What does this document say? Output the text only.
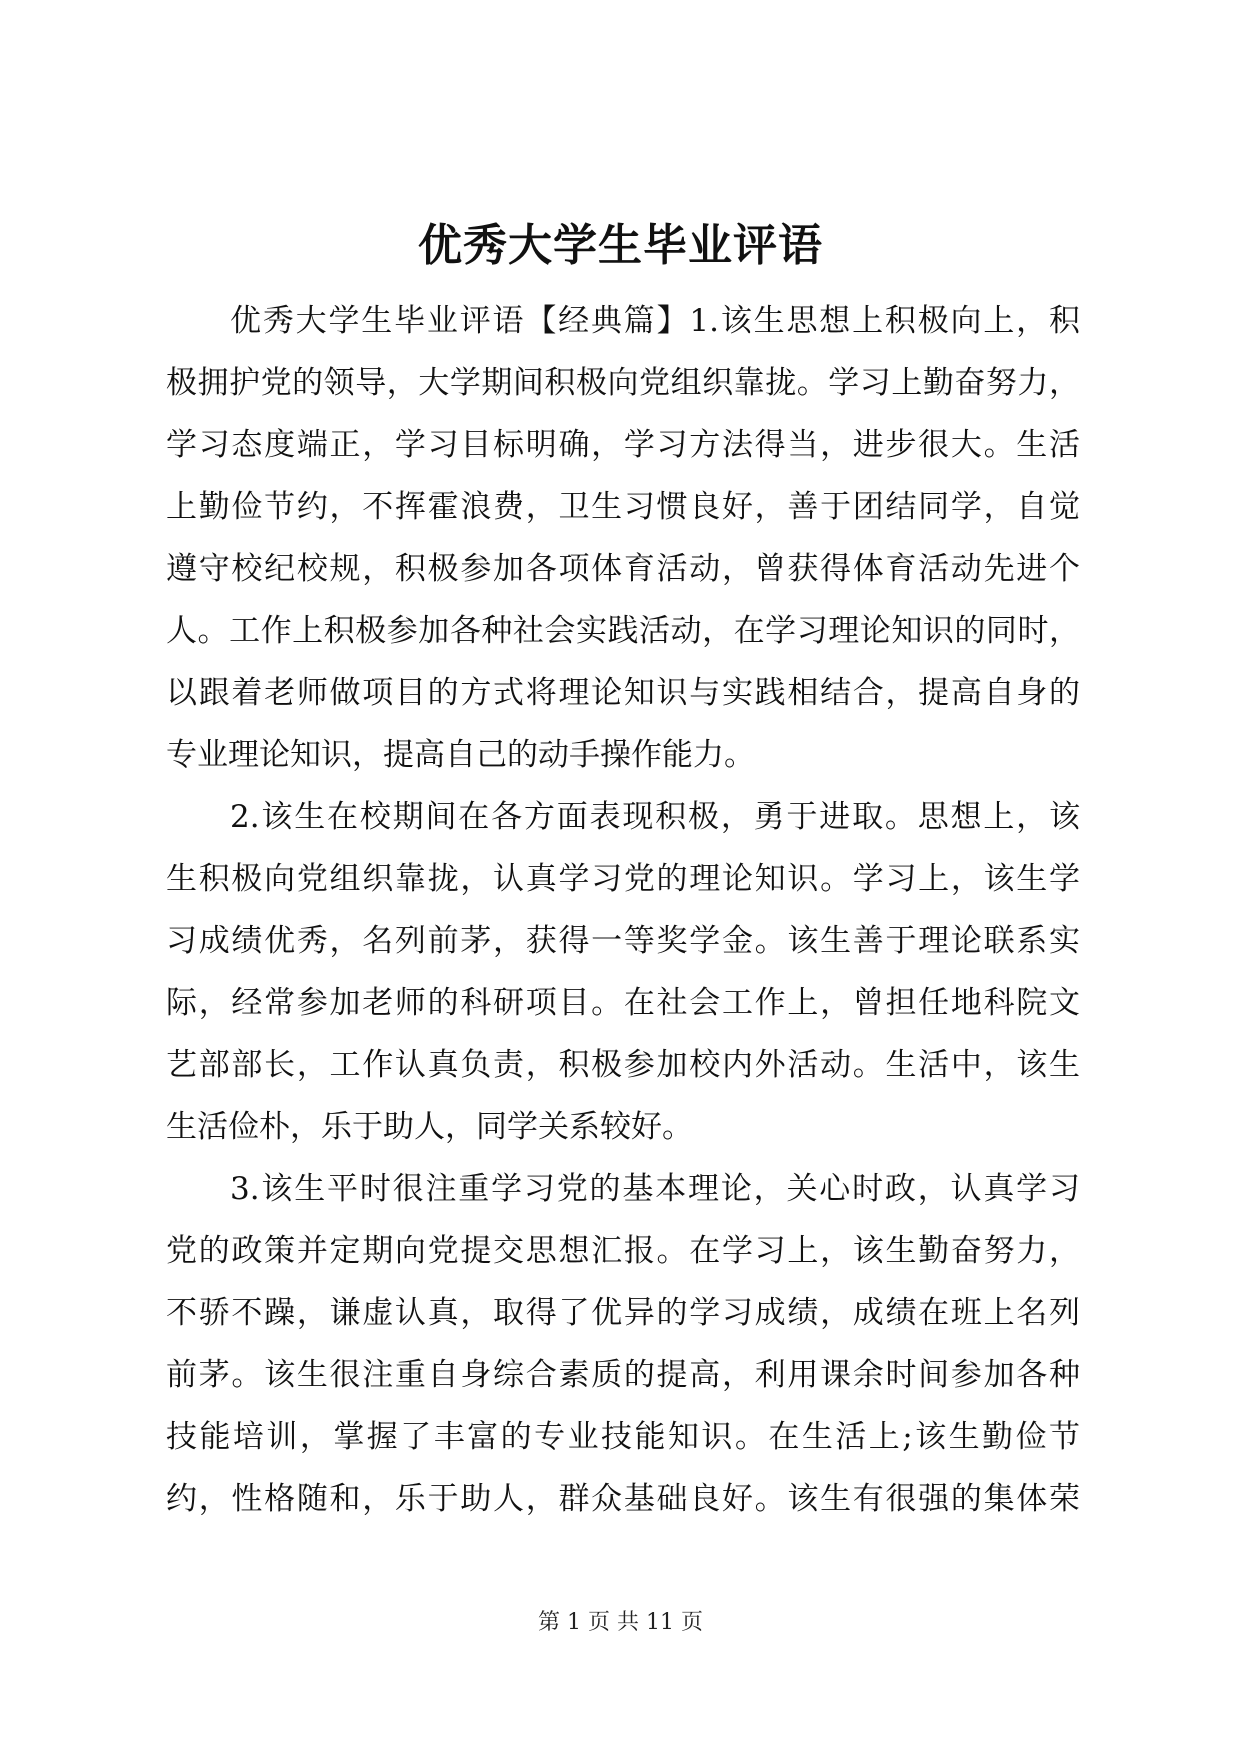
优秀大学生毕业评语
优秀大学生毕业评语【经典篇】1.该生思想上积极向上，积
极拥护党的领导，大学期间积极向党组织靠拢。学习上勤奋努力，
学习态度端正，学习目标明确，学习方法得当，进步很大。生活
上勤俭节约，不挥霍浪费，卫生习惯良好，善于团结同学，自觉
遵守校纪校规，积极参加各项体育活动，曾获得体育活动先进个
人。工作上积极参加各种社会实践活动，在学习理论知识的同时，
以跟着老师做项目的方式将理论知识与实践相结合，提高自身的
专业理论知识，提高自己的动手操作能力。
2.该生在校期间在各方面表现积极，勇于进取。思想上，该
生积极向党组织靠拢，认真学习党的理论知识。学习上，该生学
习成绩优秀，名列前茅，获得一等奖学金。该生善于理论联系实
际，经常参加老师的科研项目。在社会工作上，曾担任地科院文
艺部部长，工作认真负责，积极参加校内外活动。生活中，该生
生活俭朴，乐于助人，同学关系较好。
3.该生平时很注重学习党的基本理论，关心时政，认真学习
党的政策并定期向党提交思想汇报。在学习上，该生勤奋努力，
不骄不躁，谦虚认真，取得了优异的学习成绩，成绩在班上名列
前茅。该生很注重自身综合素质的提高，利用课余时间参加各种
技能培训，掌握了丰富的专业技能知识。在生活上;该生勤俭节
约，性格随和，乐于助人，群众基础良好。该生有很强的集体荣
第 1 页 共 11 页
